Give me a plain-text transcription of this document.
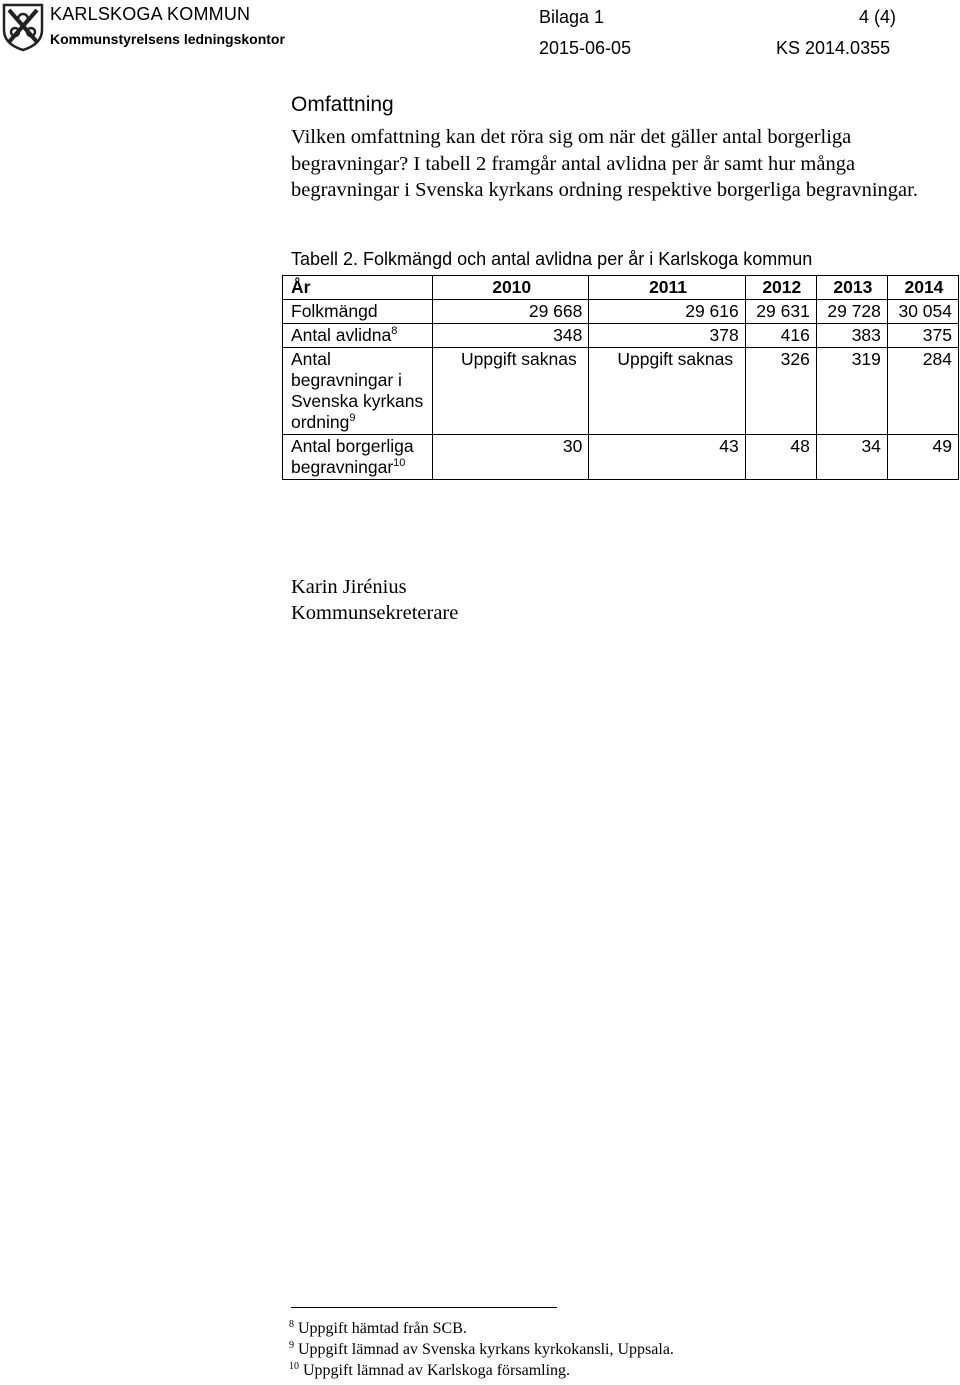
KARLSKOGA KOMMUN
Kommunstyrelsens ledningskontor
Bilaga 1	4 (4)
2015-06-05	KS 2014.0355
Omfattning
Vilken omfattning kan det röra sig om när det gäller antal borgerliga begravningar? I tabell 2 framgår antal avlidna per år samt hur många begravningar i Svenska kyrkans ordning respektive borgerliga begravningar.
Tabell 2. Folkmängd och antal avlidna per år i Karlskoga kommun
År	2010	2011	2012	2013	2014
Folkmängd	29 668	29 616	29 631	29 728	30 054
Antal avlidna$^8$	348	378	416	383	375
Antal begravningar i Svenska kyrkans ordning$^9$	Uppgift saknas	Uppgift saknas	326	319	284
Antal borgerliga begravningar$^{10}$	30	43	48	34	49
Karin Jirénius
Kommunsekreterare
$^8$ Uppgift hämtad från SCB.
$^9$ Uppgift lämnad av Svenska kyrkans kyrkokansli, Uppsala.
$^{10}$ Uppgift lämnad av Karlskoga församling.
